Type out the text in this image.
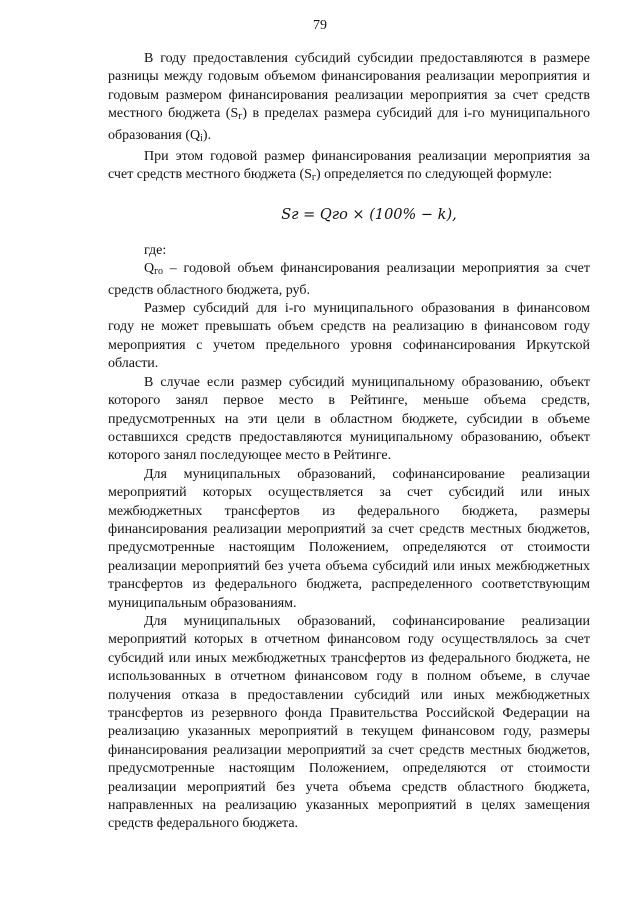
79

В году предоставления субсидий субсидии предоставляются в размере разницы между годовым объемом финансирования реализации мероприятия и годовым размером финансирования реализации мероприятия за счет средств местного бюджета $(S_г)$ в пределах размера субсидий для i-го муниципального образования $(Q_i)$.

При этом годовой размер финансирования реализации мероприятия за счет средств местного бюджета $(S_г)$ определяется по следующей формуле:

Sг = Qго × (100% − k),

где:

$Q_{го}$ – годовой объем финансирования реализации мероприятия за счет средств областного бюджета, руб.

Размер субсидий для i-го муниципального образования в финансовом году не может превышать объем средств на реализацию в финансовом году мероприятия с учетом предельного уровня софинансирования Иркутской области.

В случае если размер субсидий муниципальному образованию, объект которого занял первое место в Рейтинге, меньше объема средств, предусмотренных на эти цели в областном бюджете, субсидии в объеме оставшихся средств предоставляются муниципальному образованию, объект которого занял последующее место в Рейтинге.

Для муниципальных образований, софинансирование реализации мероприятий которых осуществляется за счет субсидий или иных межбюджетных трансфертов из федерального бюджета, размеры финансирования реализации мероприятий за счет средств местных бюджетов, предусмотренные настоящим Положением, определяются от стоимости реализации мероприятий без учета объема субсидий или иных межбюджетных трансфертов из федерального бюджета, распределенного соответствующим муниципальным образованиям.

Для муниципальных образований, софинансирование реализации мероприятий которых в отчетном финансовом году осуществлялось за счет субсидий или иных межбюджетных трансфертов из федерального бюджета, не использованных в отчетном финансовом году в полном объеме, в случае получения отказа в предоставлении субсидий или иных межбюджетных трансфертов из резервного фонда Правительства Российской Федерации на реализацию указанных мероприятий в текущем финансовом году, размеры финансирования реализации мероприятий за счет средств местных бюджетов, предусмотренные настоящим Положением, определяются от стоимости реализации мероприятий без учета объема средств областного бюджета, направленных на реализацию указанных мероприятий в целях замещения средств федерального бюджета.
